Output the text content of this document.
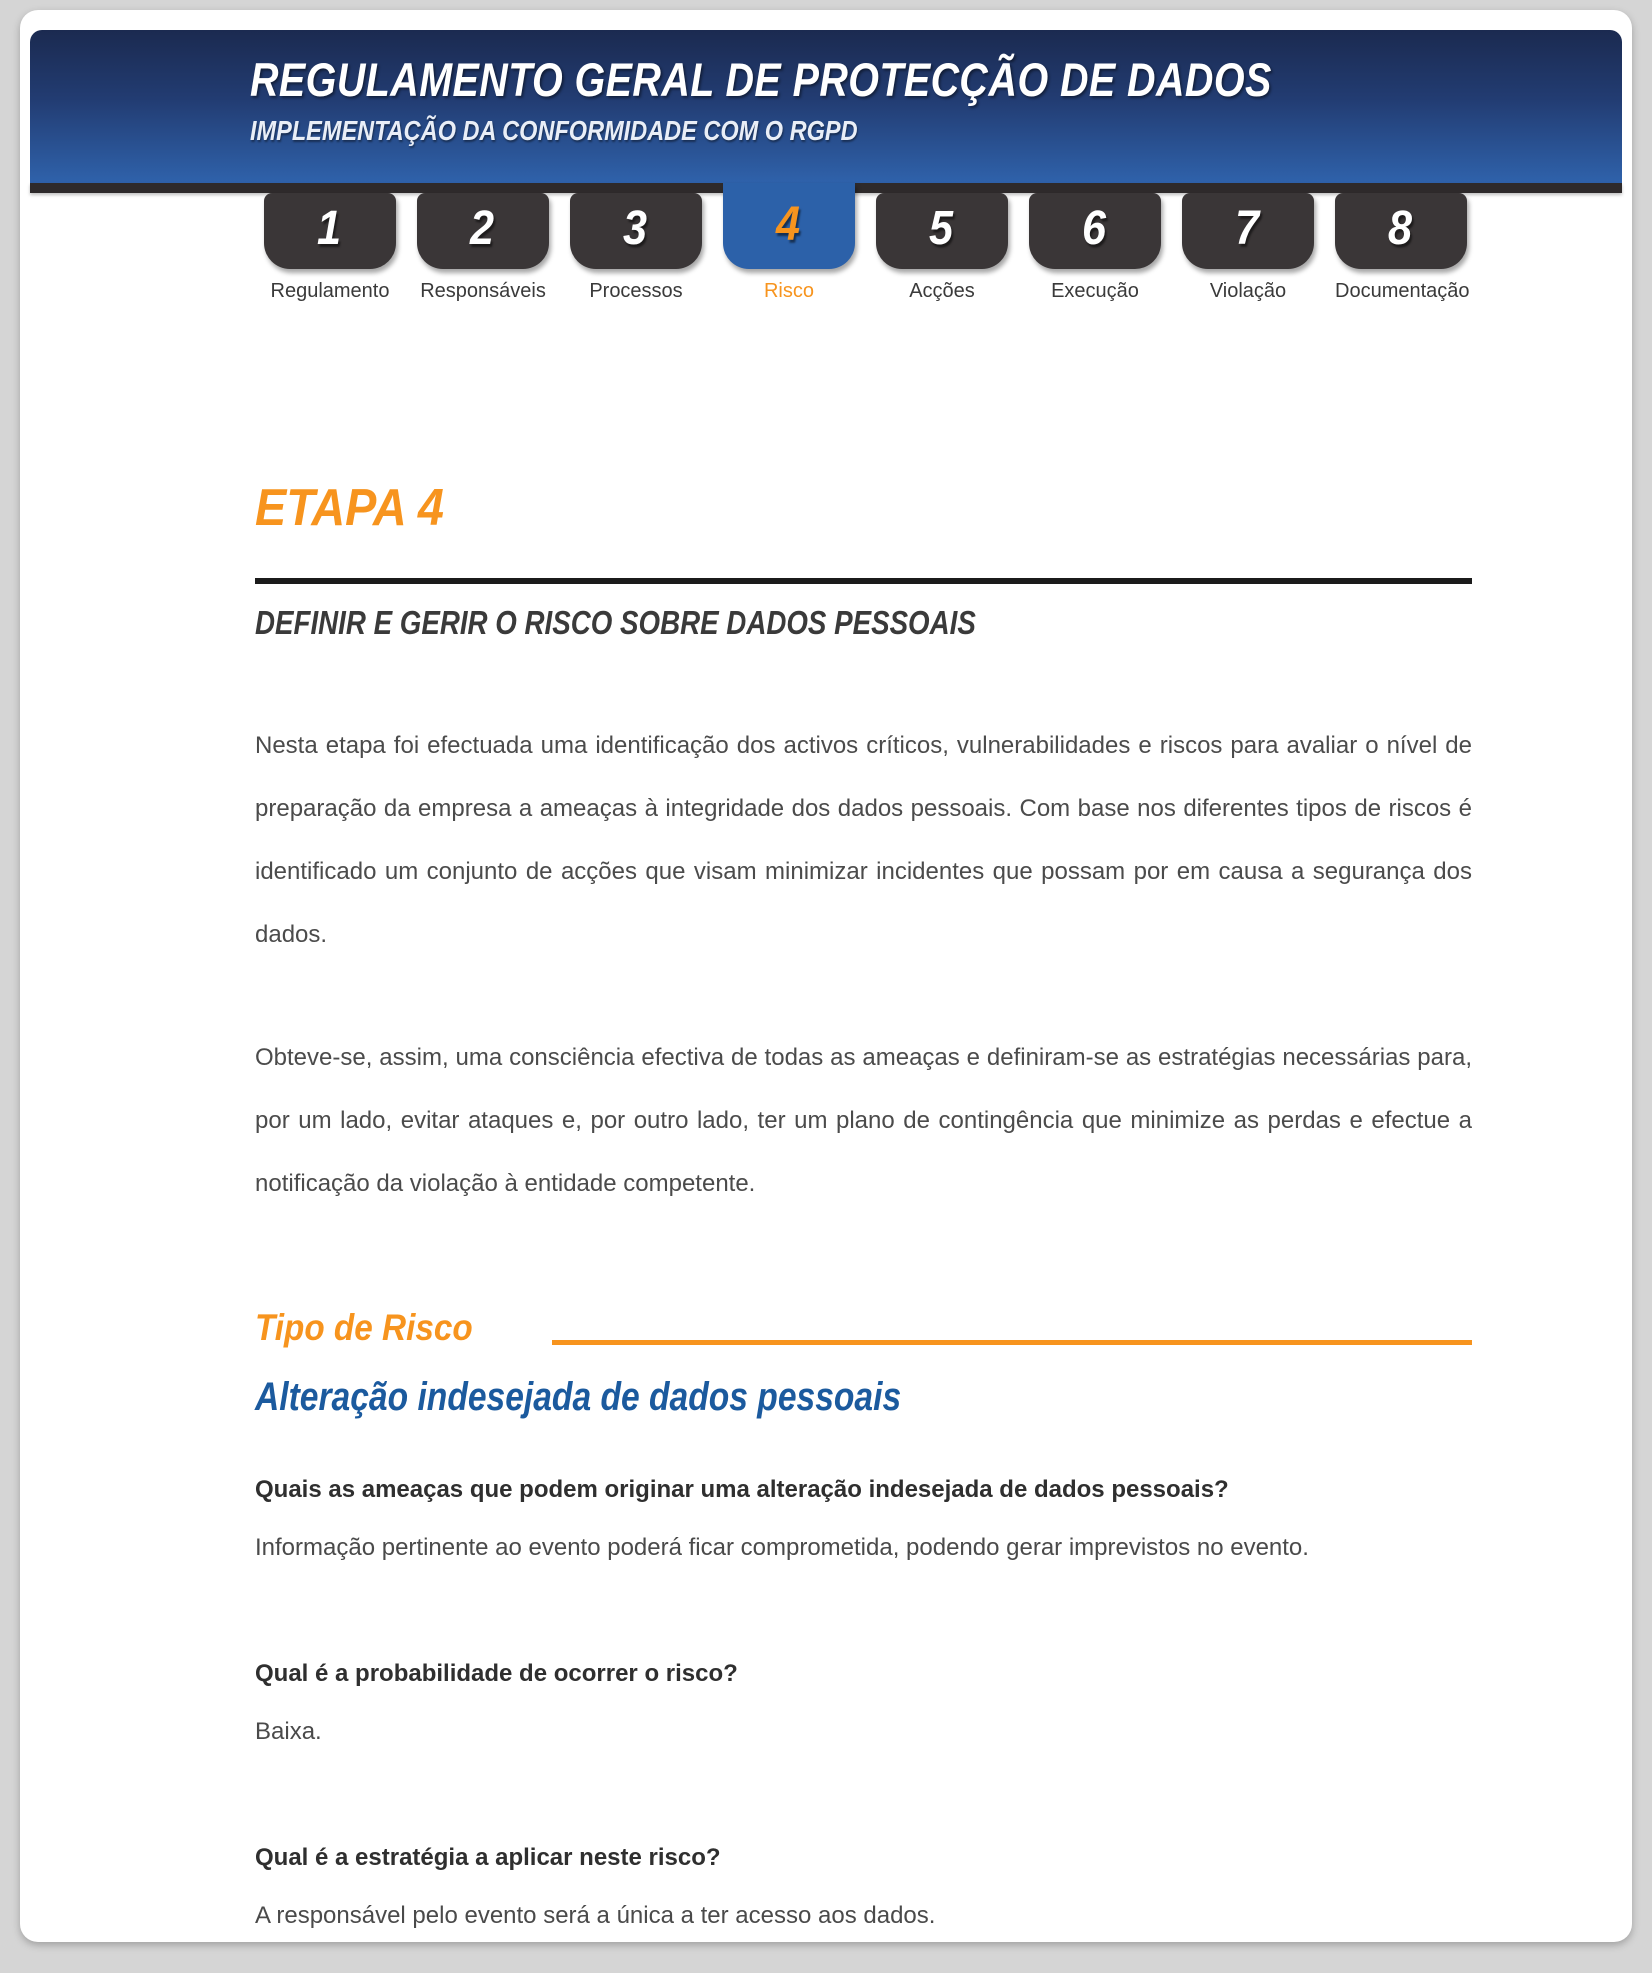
REGULAMENTO GERAL DE PROTECÇÃO DE DADOS
IMPLEMENTAÇÃO DA CONFORMIDADE COM O RGPD
1	2	3	4	5	6	7	8
Regulamento	Responsáveis	Processos	Risco	Acções	Execução	Violação	Documentação
ETAPA 4
DEFINIR E GERIR O RISCO SOBRE DADOS PESSOAIS

Nesta etapa foi efectuada uma identificação dos activos críticos, vulnerabilidades e riscos para avaliar o nível de preparação da empresa a ameaças à integridade dos dados pessoais. Com base nos diferentes tipos de riscos é identificado um conjunto de acções que visam minimizar incidentes que possam por em causa a segurança dos dados.

Obteve-se, assim, uma consciência efectiva de todas as ameaças e definiram-se as estratégias necessárias para, por um lado, evitar ataques e, por outro lado, ter um plano de contingência que minimize as perdas e efectue a notificação da violação à entidade competente.

Tipo de Risco
Alteração indesejada de dados pessoais
Quais as ameaças que podem originar uma alteração indesejada de dados pessoais?
Informação pertinente ao evento poderá ficar comprometida, podendo gerar imprevistos no evento.
Qual é a probabilidade de ocorrer o risco?
Baixa.
Qual é a estratégia a aplicar neste risco?
A responsável pelo evento será a única a ter acesso aos dados.
